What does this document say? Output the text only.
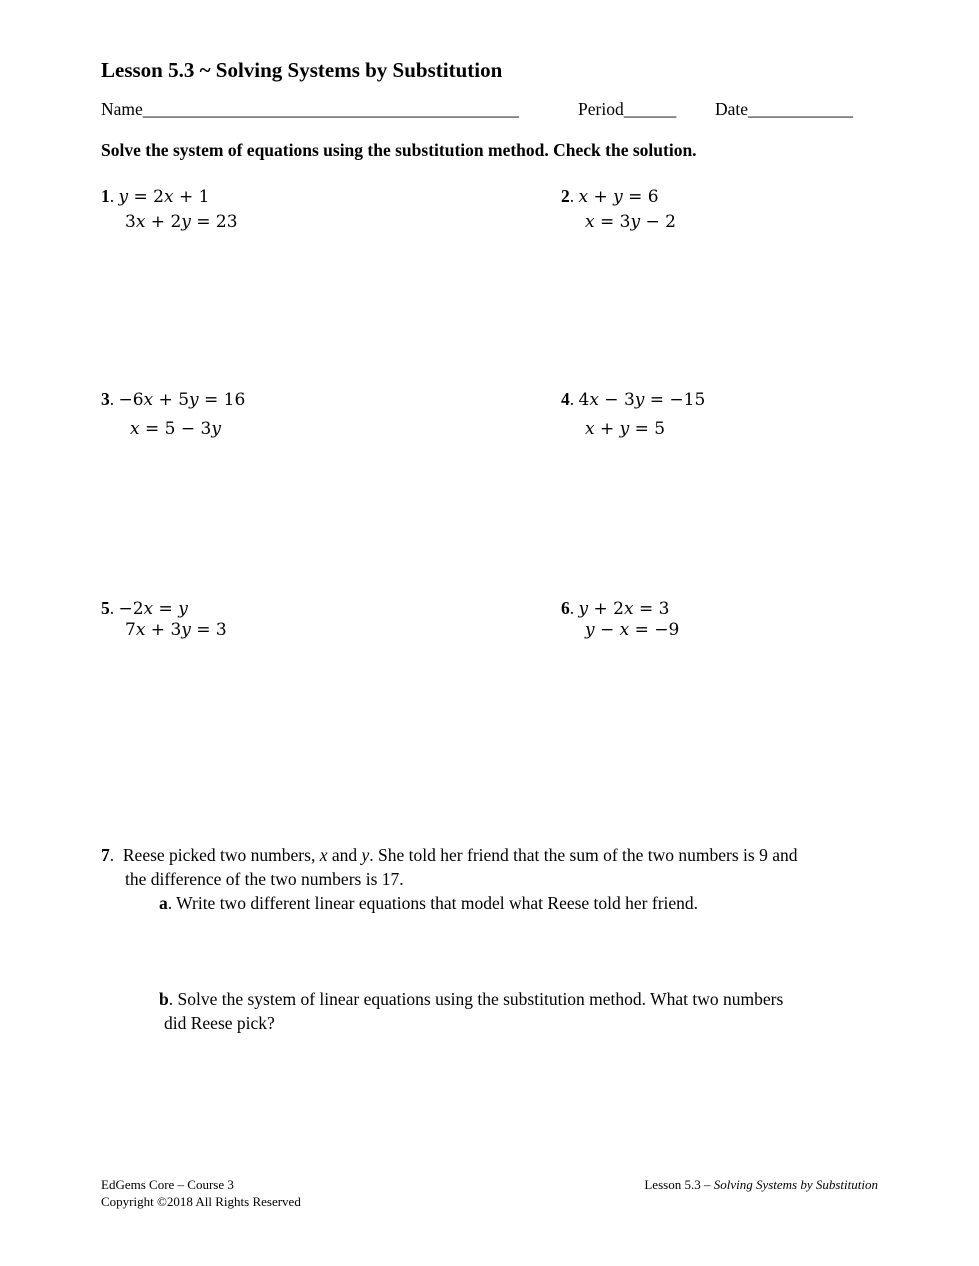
Lesson 5.3 ~ Solving Systems by Substitution
Name___________________________________________	Period______ Date____________
Solve the system of equations using the substitution method. Check the solution.
1. 𝑦 = 2𝑥 + 1
3𝑥 + 2𝑦 = 23
2. 𝑥 + 𝑦 = 6
𝑥 = 3𝑦 − 2
3. −6𝑥 + 5𝑦 = 16
𝑥 = 5 − 3𝑦
4. 4𝑥 − 3𝑦 = −15
𝑥 + 𝑦 = 5
5. −2𝑥 = 𝑦
7𝑥 + 3𝑦 = 3
6. 𝑦 + 2𝑥 = 3
𝑦 − 𝑥 = −9
7.  Reese picked two numbers, x and y. She told her friend that the sum of the two numbers is 9 and
the difference of the two numbers is 17.
a. Write two different linear equations that model what Reese told her friend.
b. Solve the system of linear equations using the substitution method. What two numbers
did Reese pick?
EdGems Core – Course 3
Copyright ©2018 All Rights Reserved
Lesson 5.3 – Solving Systems by Substitution
